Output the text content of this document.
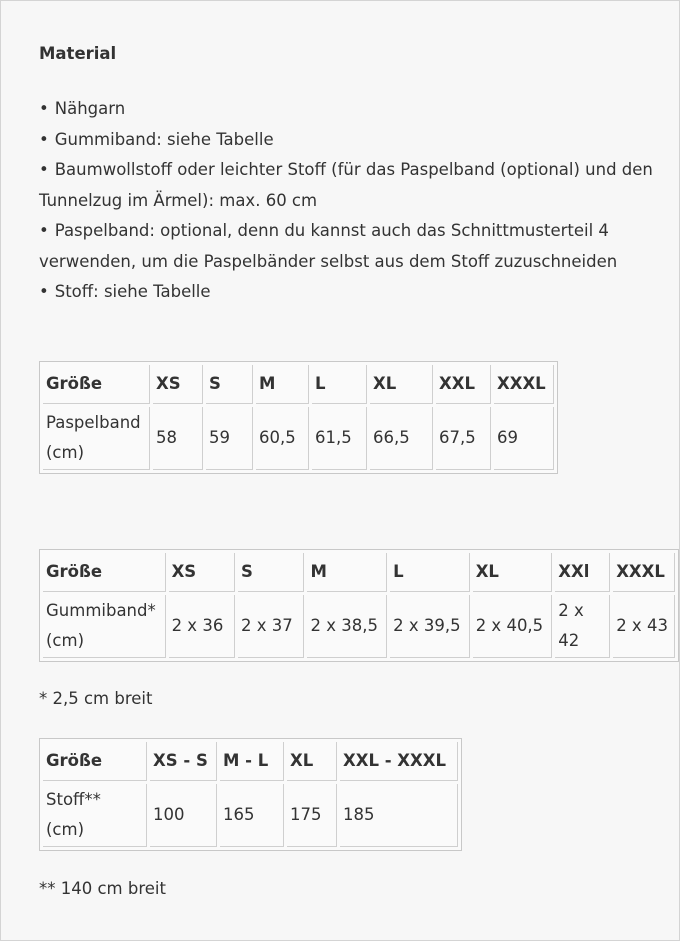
Material
• Nähgarn
• Gummiband: siehe Tabelle
• Baumwollstoff oder leichter Stoff (für das Paspelband (optional) und den Tunnelzug im Ärmel): max. 60 cm
• Paspelband: optional, denn du kannst auch das Schnittmusterteil 4 verwenden, um die Paspelbänder selbst aus dem Stoff zuzuschneiden
• Stoff: siehe Tabelle
Größe	XS	S	M	L	XL	XXL	XXXL
Paspelband (cm)	58	59	60,5	61,5	66,5	67,5	69
Größe	XS	S	M	L	XL	XXl	XXXL
Gummiband* (cm)	2 x 36	2 x 37	2 x 38,5	2 x 39,5	2 x 40,5	2 x 42	2 x 43
* 2,5 cm breit
Größe	XS - S	M - L	XL	XXL - XXXL
Stoff** (cm)	100	165	175	185
** 140 cm breit
